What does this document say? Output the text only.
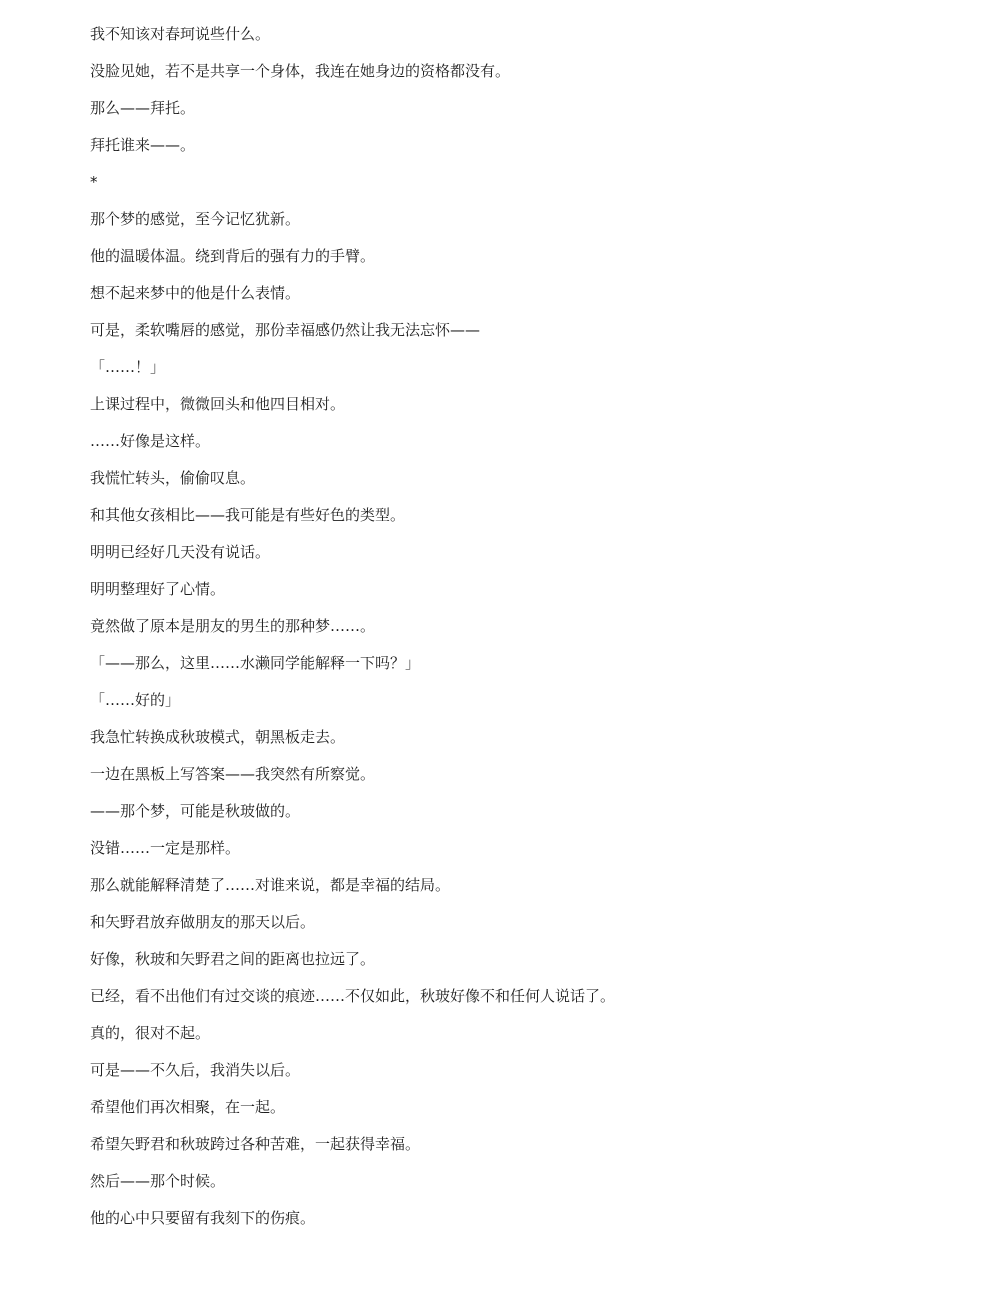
我不知该对春珂说些什么。

没脸见她，若不是共享一个身体，我连在她身边的资格都没有。

那么——拜托。

拜托谁来——。

*

那个梦的感觉，至今记忆犹新。

他的温暖体温。绕到背后的强有力的手臂。

想不起来梦中的他是什么表情。

可是，柔软嘴唇的感觉，那份幸福感仍然让我无法忘怀——

「……！」

上课过程中，微微回头和他四目相对。

……好像是这样。

我慌忙转头，偷偷叹息。

和其他女孩相比——我可能是有些好色的类型。

明明已经好几天没有说话。

明明整理好了心情。

竟然做了原本是朋友的男生的那种梦……。

「——那么，这里……水濑同学能解释一下吗？」

「……好的」

我急忙转换成秋玻模式，朝黑板走去。

一边在黑板上写答案——我突然有所察觉。

——那个梦，可能是秋玻做的。

没错……一定是那样。

那么就能解释清楚了……对谁来说，都是幸福的结局。

和矢野君放弃做朋友的那天以后。

好像，秋玻和矢野君之间的距离也拉远了。

已经，看不出他们有过交谈的痕迹……不仅如此，秋玻好像不和任何人说话了。

真的，很对不起。

可是——不久后，我消失以后。

希望他们再次相聚，在一起。

希望矢野君和秋玻跨过各种苦难，一起获得幸福。

然后——那个时候。

他的心中只要留有我刻下的伤痕。
